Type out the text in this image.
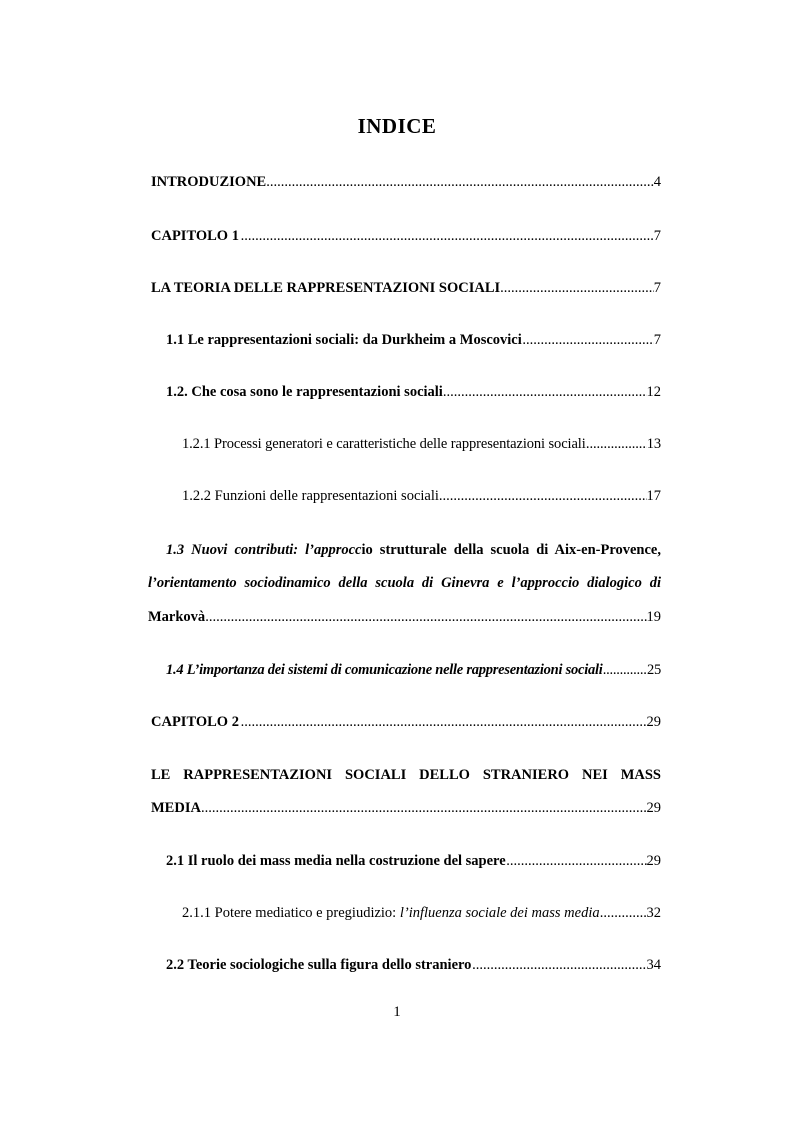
INDICE
INTRODUZIONE .....	4
CAPITOLO 1 .....	7
LA TEORIA DELLE RAPPRESENTAZIONI SOCIALI .....	7
1.1 Le rappresentazioni sociali: da Durkheim a Moscovici .....	7
1.2. Che cosa sono le rappresentazioni sociali .....	12
1.2.1 Processi generatori e caratteristiche delle rappresentazioni sociali .....	13
1.2.2 Funzioni delle rappresentazioni sociali .....	17
1.3 Nuovi contributi: l’approccio strutturale della scuola di Aix-en-Provence,
l’orientamento sociodinamico della scuola di Ginevra e l’approccio dialogico di
Markovà .....	19
1.4 L’importanza dei sistemi di comunicazione nelle rappresentazioni sociali .....	25
CAPITOLO 2 .....	29
LE RAPPRESENTAZIONI SOCIALI DELLO STRANIERO NEI MASS
MEDIA .....	29
2.1 Il ruolo dei mass media nella costruzione del sapere .....	29
2.1.1 Potere mediatico e pregiudizio: l’influenza sociale dei mass media .....	32
2.2 Teorie sociologiche sulla figura dello straniero .....	34
1
